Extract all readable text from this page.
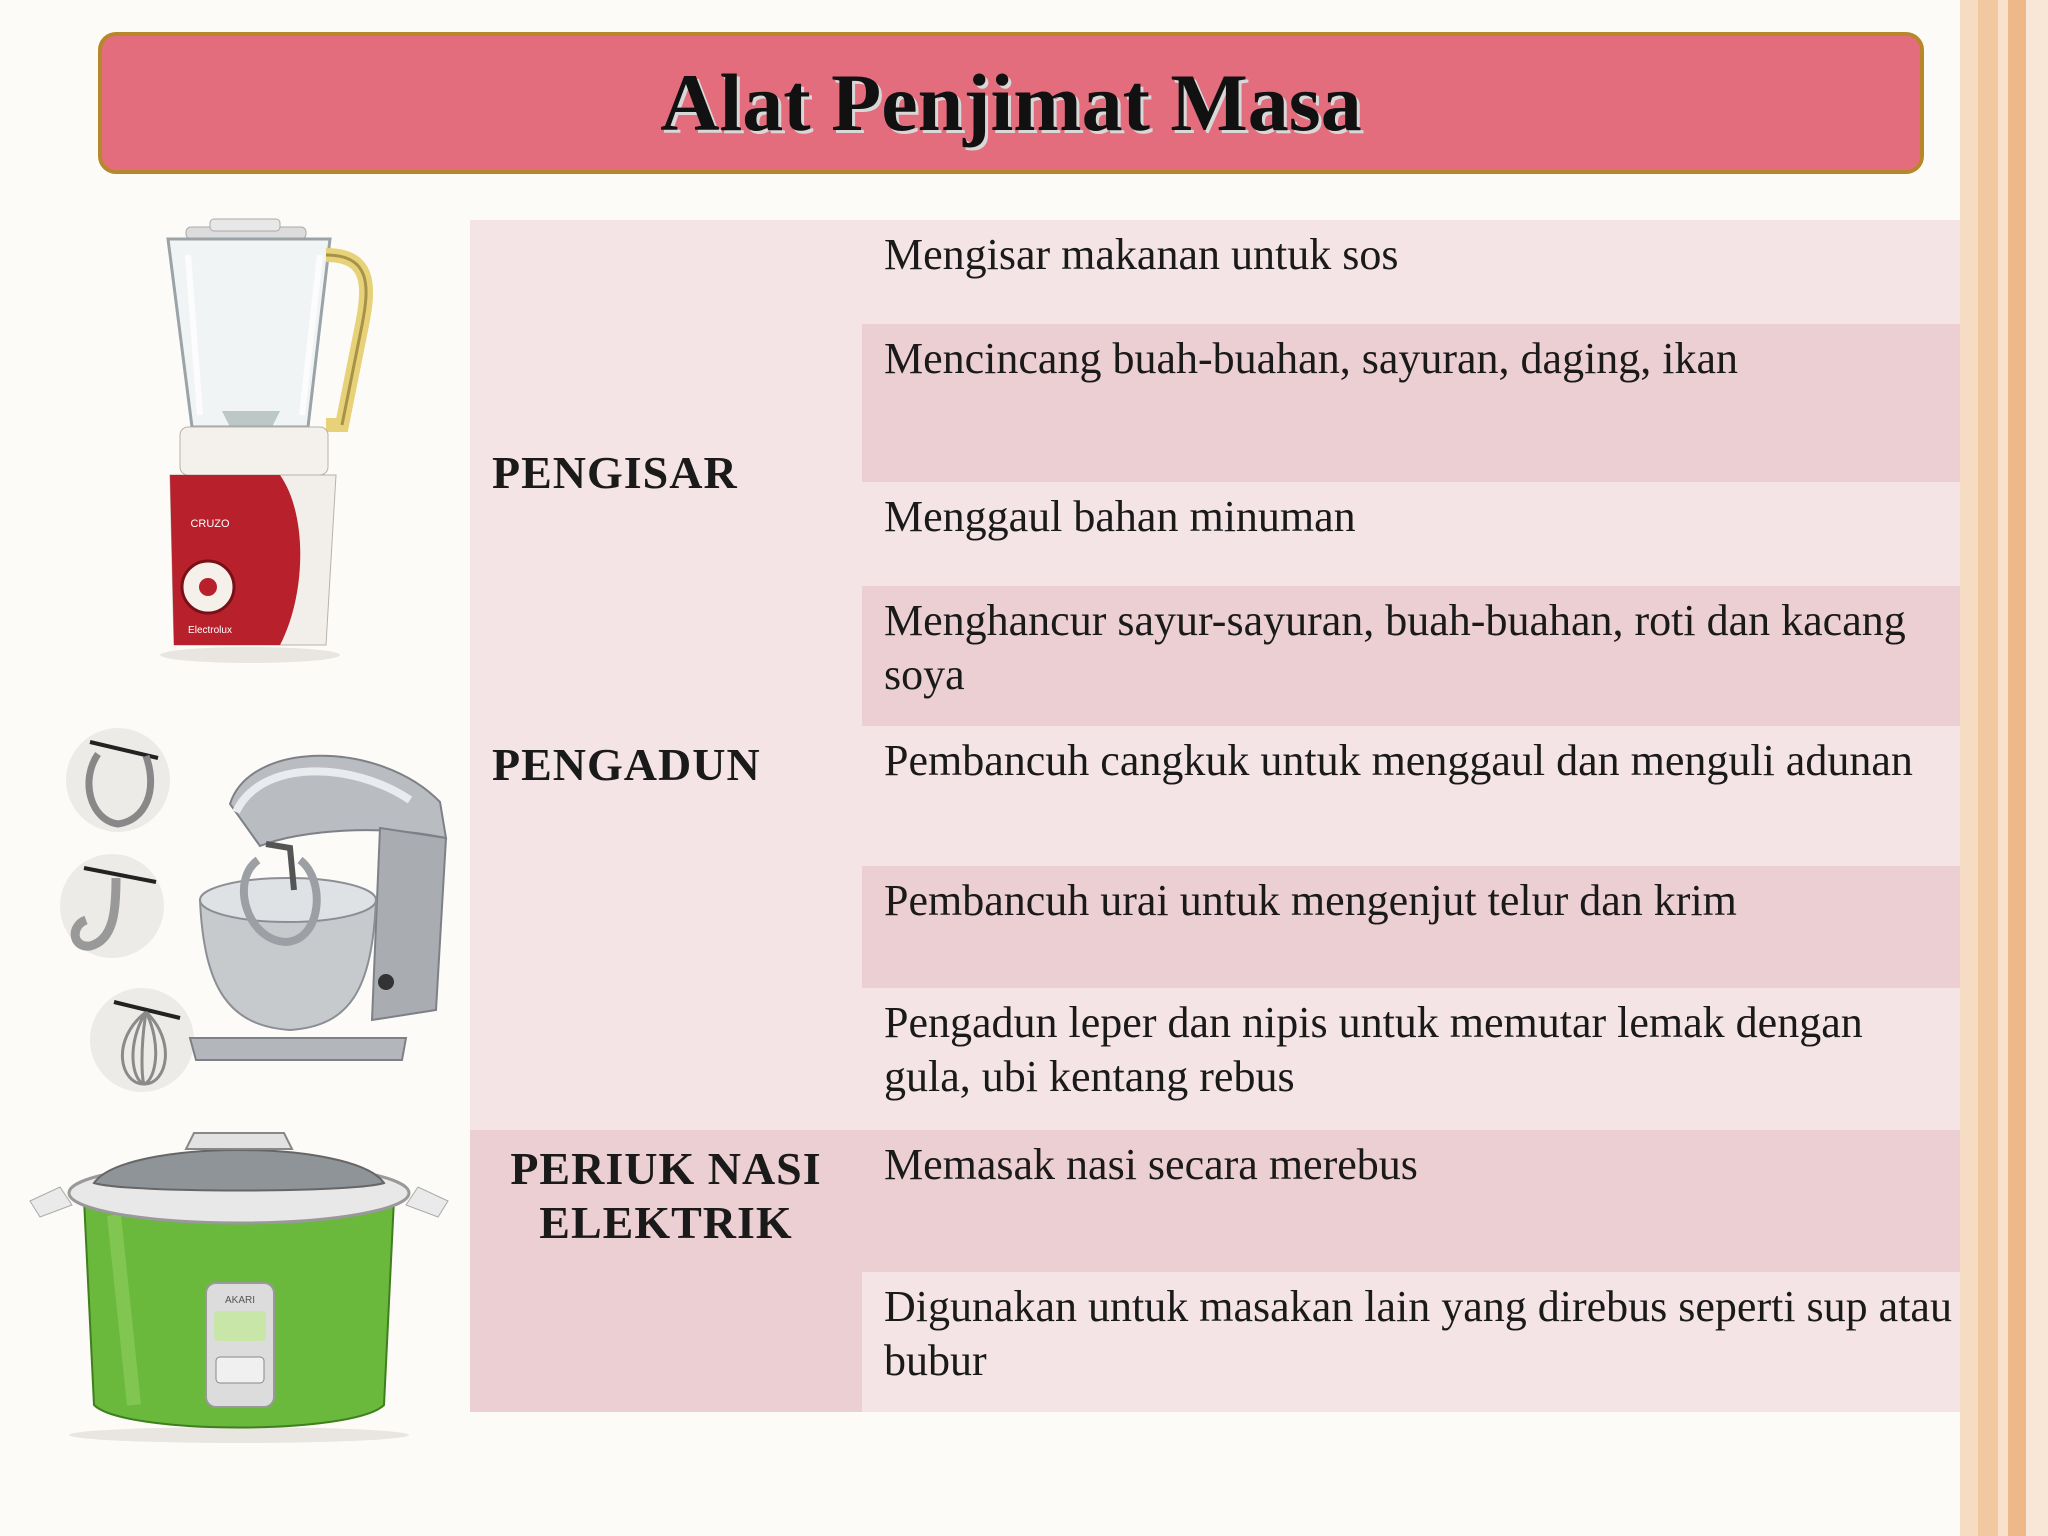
Alat Penjimat Masa
Mengisar makanan untuk sos
Mencincang buah-buahan, sayuran, daging, ikan
Menggaul bahan minuman
Menghancur sayur-sayuran, buah-buahan, roti dan kacang soya
Pembancuh cangkuk untuk menggaul dan menguli adunan
Pembancuh urai untuk mengenjut telur dan krim
Pengadun leper dan nipis untuk memutar lemak dengan gula, ubi kentang rebus
Memasak nasi secara merebus
Digunakan untuk masakan lain yang direbus seperti sup atau bubur
PENGISAR
PENGADUN
PERIUK NASI
ELEKTRIK
CRUZO
Electrolux
AKARI
